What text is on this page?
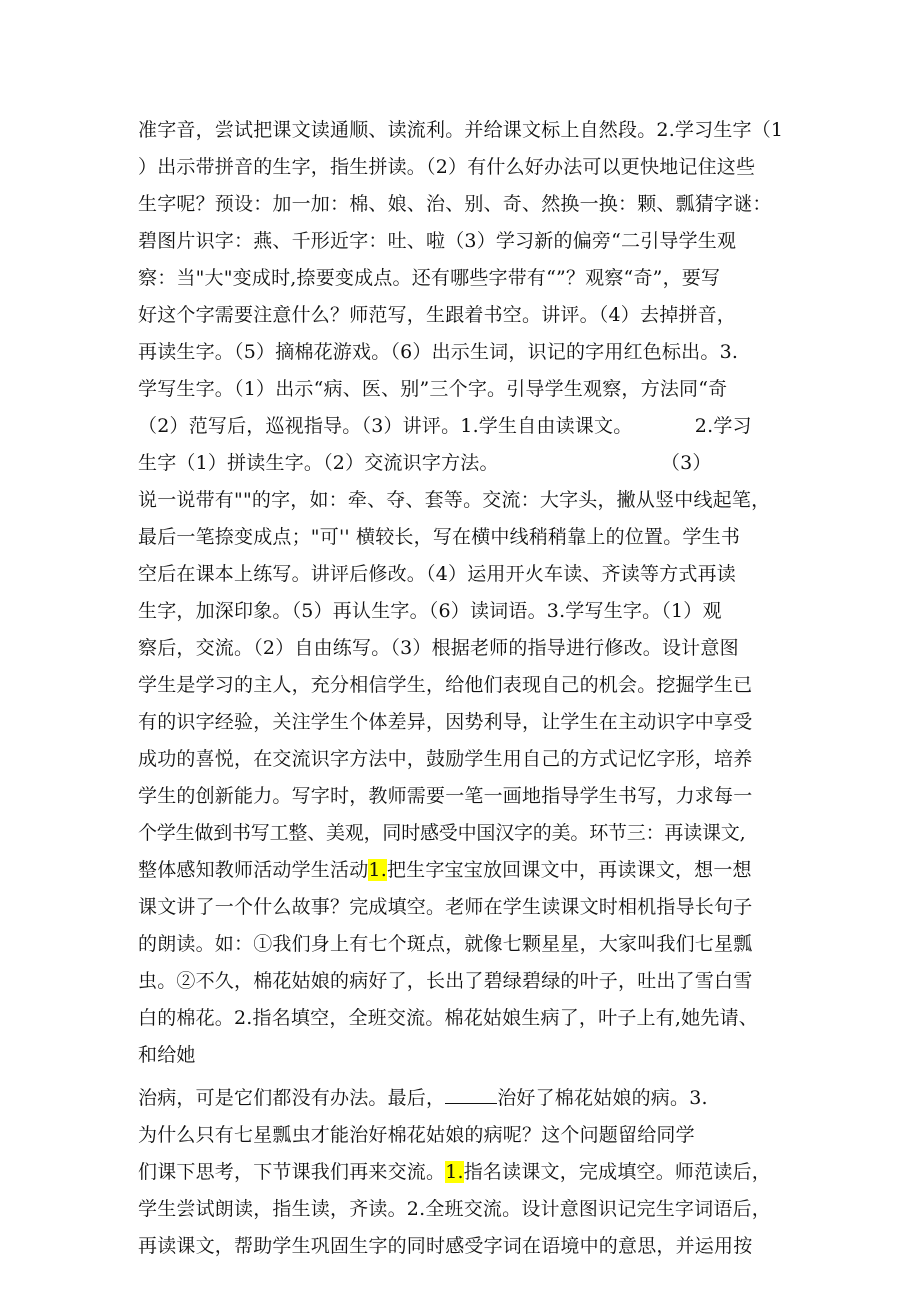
准字音，尝试把课文读通顺、读流利。并给课文标上自然段。2.学习生字（1
）出示带拼音的生字，指生拼读。（2）有什么好办法可以更快地记住这些
生字呢？预设：加一加：棉、娘、治、别、奇、然换一换：颗、瓢猜字谜：
碧图片识字：燕、千形近字：吐、啦（3）学习新的偏旁“二引导学生观
察：当"大"变成时,捺要变成点。还有哪些字带有“”？观察“奇”，要写
好这个字需要注意什么？师范写，生跟着书空。讲评。（4）去掉拼音，
再读生字。（5）摘棉花游戏。（6）出示生词，识记的字用红色标出。3.
学写生字。（1）出示“病、医、别”三个字。引导学生观察，方法同“奇
（2）范写后，巡视指导。（3）讲评。1.学生自由读课文。          2.学习
生字（1）拼读生字。（2）交流识字方法。                          （3）
说一说带有""的字，如：牵、夺、套等。交流：大字头，撇从竖中线起笔，
最后一笔捺变成点；"可'' 横较长，写在横中线稍稍靠上的位置。学生书
空后在课本上练写。讲评后修改。（4）运用开火车读、齐读等方式再读
生字，加深印象。（5）再认生字。（6）读词语。3.学写生字。（1）观
察后，交流。（2）自由练写。（3）根据老师的指导进行修改。设计意图
学生是学习的主人，充分相信学生，给他们表现自己的机会。挖掘学生已
有的识字经验，关注学生个体差异，因势利导，让学生在主动识字中享受
成功的喜悦，在交流识字方法中，鼓励学生用自己的方式记忆字形，培养
学生的创新能力。写字时，教师需要一笔一画地指导学生书写，力求每一
个学生做到书写工整、美观，同时感受中国汉字的美。环节三：再读课文,
整体感知教师活动学生活动1.把生字宝宝放回课文中，再读课文，想一想
课文讲了一个什么故事？完成填空。老师在学生读课文时相机指导长句子
的朗读。如：①我们身上有七个斑点，就像七颗星星，大家叫我们七星瓢
虫。②不久，棉花姑娘的病好了，长出了碧绿碧绿的叶子，吐出了雪白雪
白的棉花。2.指名填空，全班交流。棉花姑娘生病了，叶子上有,她先请、
和给她
治病，可是它们都没有办法。最后，	治好了棉花姑娘的病。3.
为什么只有七星瓢虫才能治好棉花姑娘的病呢？这个问题留给同学
们课下思考，下节课我们再来交流。1.指名读课文，完成填空。师范读后，
学生尝试朗读，指生读，齐读。2.全班交流。设计意图识记完生字词语后，
再读课文，帮助学生巩固生字的同时感受字词在语境中的意思，并运用按
